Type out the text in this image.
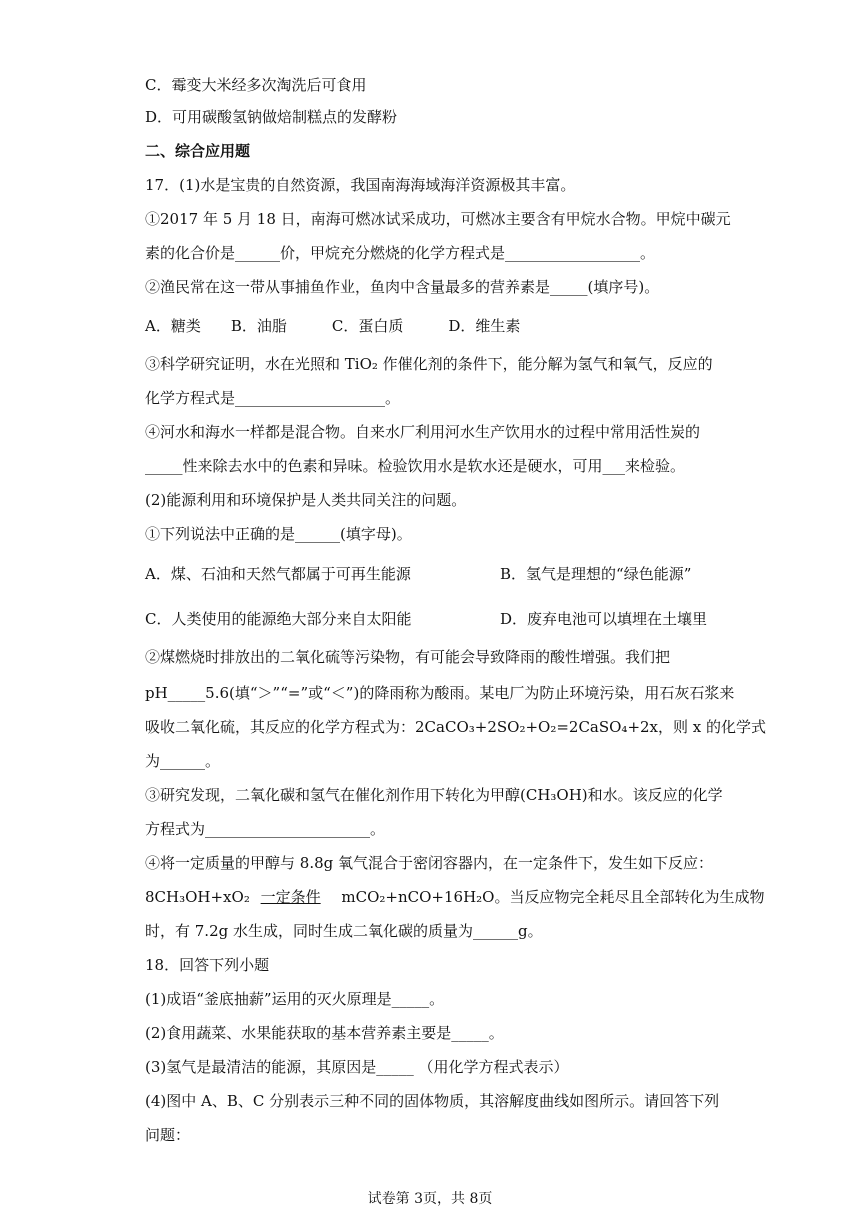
C．霉变大米经多次淘洗后可食用
D．可用碳酸氢钠做焙制糕点的发酵粉
二、综合应用题
17．(1)水是宝贵的自然资源，我国南海海域海洋资源极其丰富。
①2017 年 5 月 18 日，南海可燃冰试采成功，可燃冰主要含有甲烷水合物。甲烷中碳元
素的化合价是______价，甲烷充分燃烧的化学方程式是__________________。
②渔民常在这一带从事捕鱼作业，鱼肉中含量最多的营养素是_____(填序号)。
A．糖类　　B．油脂　　　C．蛋白质　　　D．维生素
③科学研究证明，水在光照和 TiO₂ 作催化剂的条件下，能分解为氢气和氧气，反应的
化学方程式是____________________。
④河水和海水一样都是混合物。自来水厂利用河水生产饮用水的过程中常用活性炭的
_____性来除去水中的色素和异味。检验饮用水是软水还是硬水，可用___来检验。
(2)能源利用和环境保护是人类共同关注的问题。
①下列说法中正确的是______(填字母)。
A．煤、石油和天然气都属于可再生能源	B．氢气是理想的“绿色能源”
C．人类使用的能源绝大部分来自太阳能	D．废弃电池可以填埋在土壤里
②煤燃烧时排放出的二氧化硫等污染物，有可能会导致降雨的酸性增强。我们把
pH_____5.6(填“＞”“=”或“＜”)的降雨称为酸雨。某电厂为防止环境污染，用石灰石浆来
吸收二氧化硫，其反应的化学方程式为：2CaCO₃+2SO₂+O₂=2CaSO₄+2x，则 x 的化学式
为______。
③研究发现，二氧化碳和氢气在催化剂作用下转化为甲醇(CH₃OH)和水。该反应的化学
方程式为______________________。
④将一定质量的甲醇与 8.8g 氧气混合于密闭容器内，在一定条件下，发生如下反应：
8CH₃OH+xO₂ 一定条件 mCO₂+nCO+16H₂O。当反应物完全耗尽且全部转化为生成物
时，有 7.2g 水生成，同时生成二氧化碳的质量为______g。
18．回答下列小题
(1)成语“釜底抽薪”运用的灭火原理是_____。
(2)食用蔬菜、水果能获取的基本营养素主要是_____。
(3)氢气是最清洁的能源，其原因是_____ （用化学方程式表示）
(4)图中 A、B、C 分别表示三种不同的固体物质，其溶解度曲线如图所示。请回答下列
问题：
试卷第 3页，共 8页
